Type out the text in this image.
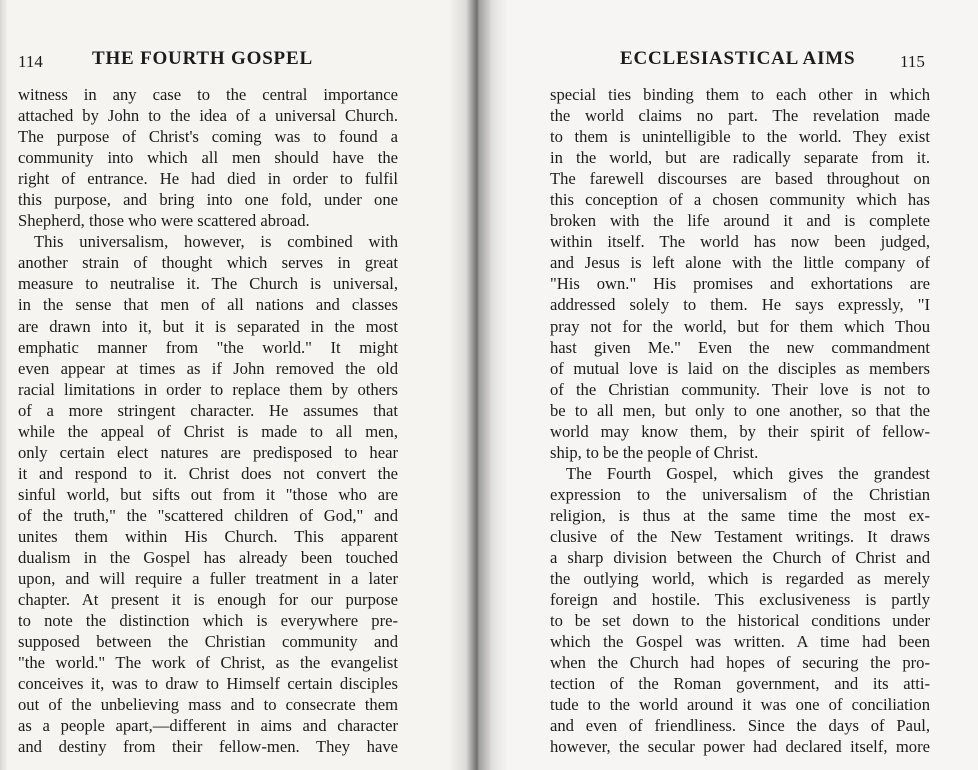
114	THE FOURTH GOSPEL
witness in any case to the central importance
attached by John to the idea of a universal Church.
The purpose of Christ's coming was to found a
community into which all men should have the
right of entrance. He had died in order to fulfil
this purpose, and bring into one fold, under one
Shepherd, those who were scattered abroad.
This universalism, however, is combined with
another strain of thought which serves in great
measure to neutralise it. The Church is universal,
in the sense that men of all nations and classes
are drawn into it, but it is separated in the most
emphatic manner from "the world." It might
even appear at times as if John removed the old
racial limitations in order to replace them by others
of a more stringent character. He assumes that
while the appeal of Christ is made to all men,
only certain elect natures are predisposed to hear
it and respond to it. Christ does not convert the
sinful world, but sifts out from it "those who are
of the truth," the "scattered children of God," and
unites them within His Church. This apparent
dualism in the Gospel has already been touched
upon, and will require a fuller treatment in a later
chapter. At present it is enough for our purpose
to note the distinction which is everywhere pre-
supposed between the Christian community and
"the world." The work of Christ, as the evangelist
conceives it, was to draw to Himself certain disciples
out of the unbelieving mass and to consecrate them
as a people apart,—different in aims and character
and destiny from their fellow-men. They have
ECCLESIASTICAL AIMS	115
special ties binding them to each other in which
the world claims no part. The revelation made
to them is unintelligible to the world. They exist
in the world, but are radically separate from it.
The farewell discourses are based throughout on
this conception of a chosen community which has
broken with the life around it and is complete
within itself. The world has now been judged,
and Jesus is left alone with the little company of
"His own." His promises and exhortations are
addressed solely to them. He says expressly, "I
pray not for the world, but for them which Thou
hast given Me." Even the new commandment
of mutual love is laid on the disciples as members
of the Christian community. Their love is not to
be to all men, but only to one another, so that the
world may know them, by their spirit of fellow-
ship, to be the people of Christ.
The Fourth Gospel, which gives the grandest
expression to the universalism of the Christian
religion, is thus at the same time the most ex-
clusive of the New Testament writings. It draws
a sharp division between the Church of Christ and
the outlying world, which is regarded as merely
foreign and hostile. This exclusiveness is partly
to be set down to the historical conditions under
which the Gospel was written. A time had been
when the Church had hopes of securing the pro-
tection of the Roman government, and its atti-
tude to the world around it was one of conciliation
and even of friendliness. Since the days of Paul,
however, the secular power had declared itself, more
